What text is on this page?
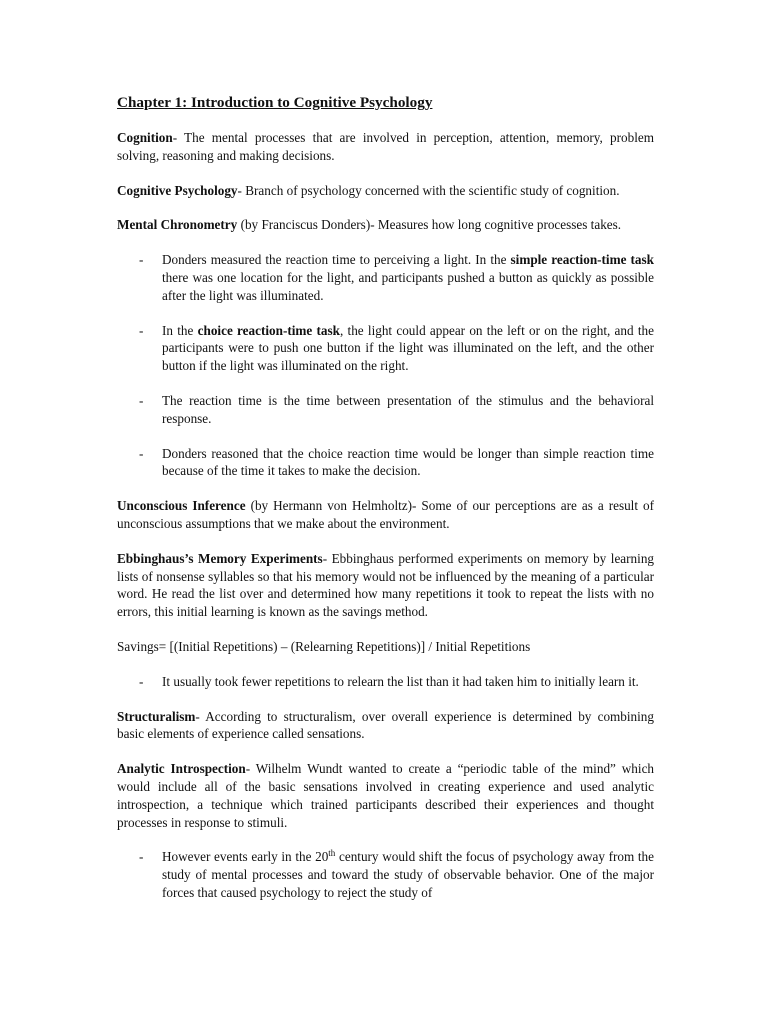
Chapter 1: Introduction to Cognitive Psychology

Cognition- The mental processes that are involved in perception, attention, memory, problem solving, reasoning and making decisions.

Cognitive Psychology- Branch of psychology concerned with the scientific study of cognition.

Mental Chronometry (by Franciscus Donders)- Measures how long cognitive processes takes.

- Donders measured the reaction time to perceiving a light. In the simple reaction-time task there was one location for the light, and participants pushed a button as quickly as possible after the light was illuminated.
- In the choice reaction-time task, the light could appear on the left or on the right, and the participants were to push one button if the light was illuminated on the left, and the other button if the light was illuminated on the right.
- The reaction time is the time between presentation of the stimulus and the behavioral response.
- Donders reasoned that the choice reaction time would be longer than simple reaction time because of the time it takes to make the decision.

Unconscious Inference (by Hermann von Helmholtz)- Some of our perceptions are as a result of unconscious assumptions that we make about the environment.

Ebbinghaus’s Memory Experiments- Ebbinghaus performed experiments on memory by learning lists of nonsense syllables so that his memory would not be influenced by the meaning of a particular word. He read the list over and determined how many repetitions it took to repeat the lists with no errors, this initial learning is known as the savings method.

Savings= [(Initial Repetitions) – (Relearning Repetitions)] / Initial Repetitions

- It usually took fewer repetitions to relearn the list than it had taken him to initially learn it.

Structuralism- According to structuralism, over overall experience is determined by combining basic elements of experience called sensations.

Analytic Introspection- Wilhelm Wundt wanted to create a “periodic table of the mind” which would include all of the basic sensations involved in creating experience and used analytic introspection, a technique which trained participants described their experiences and thought processes in response to stimuli.

- However events early in the 20th century would shift the focus of psychology away from the study of mental processes and toward the study of observable behavior. One of the major forces that caused psychology to reject the study of
